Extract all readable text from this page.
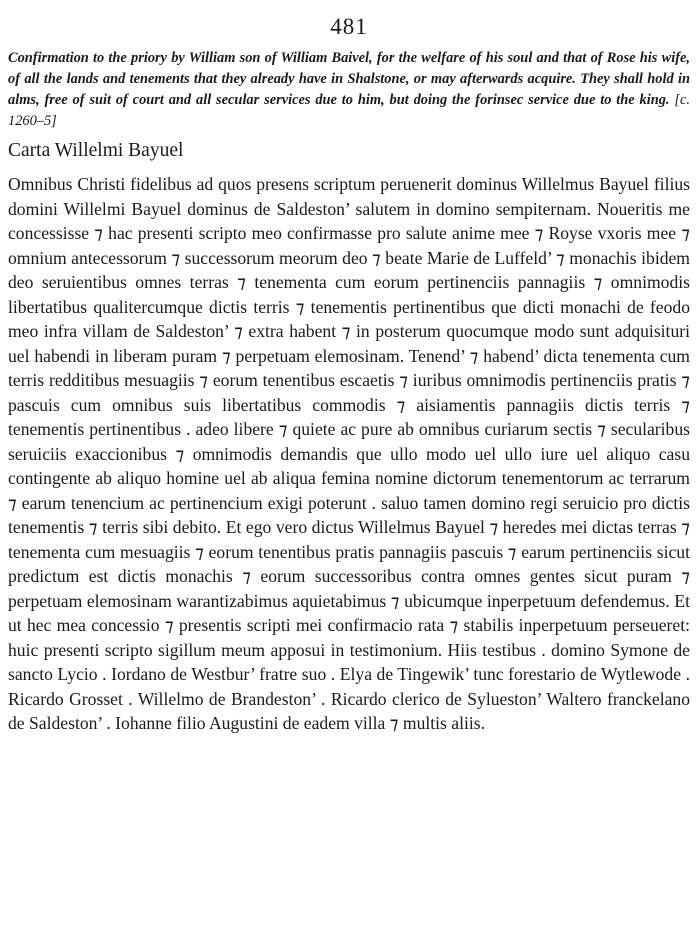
481

Confirmation to the priory by William son of William Baivel, for the welfare of his soul and that of Rose his wife, of all the lands and tenements that they already have in Shalstone, or may afterwards acquire. They shall hold in alms, free of suit of court and all secular services due to him, but doing the forinsec service due to the king. [c. 1260–5]

Carta Willelmi Bayuel

Omnibus Christi fidelibus ad quos presens scriptum peruenerit dominus Willelmus Bayuel filius domini Willelmi Bayuel dominus de Saldeston’ salutem in domino sempiternam. Noueritis me concessisse ⁊ hac presenti scripto meo confirmasse pro salute anime mee ⁊ Royse vxoris mee ⁊ omnium antecessorum ⁊ successorum meorum deo ⁊ beate Marie de Luffeld’ ⁊ monachis ibidem deo seruientibus omnes terras ⁊ tenementa cum eorum pertinenciis pannagiis ⁊ omnimodis libertatibus qualitercumque dictis terris ⁊ tenementis pertinentibus que dicti monachi de feodo meo infra villam de Saldeston’ ⁊ extra habent ⁊ in posterum quocumque modo sunt adquisituri uel habendi in liberam puram ⁊ perpetuam elemosinam. Tenend’ ⁊ habend’ dicta tenementa cum terris redditibus mesuagiis ⁊ eorum tenentibus escaetis ⁊ iuribus omnimodis pertinenciis pratis ⁊ pascuis cum omnibus suis libertatibus commodis ⁊ aisiamentis pannagiis dictis terris ⁊ tenementis pertinentibus . adeo libere ⁊ quiete ac pure ab omnibus curiarum sectis ⁊ secularibus seruiciis exaccionibus ⁊ omnimodis demandis que ullo modo uel ullo iure uel aliquo casu contingente ab aliquo homine uel ab aliqua femina nomine dictorum tenementorum ac terrarum ⁊ earum tenencium ac pertinencium exigi poterunt . saluo tamen domino regi seruicio pro dictis tenementis ⁊ terris sibi debito. Et ego vero dictus Willelmus Bayuel ⁊ heredes mei dictas terras ⁊ tenementa cum mesuagiis ⁊ eorum tenentibus pratis pannagiis pascuis ⁊ earum pertinenciis sicut predictum est dictis monachis ⁊ eorum successoribus contra omnes gentes sicut puram ⁊ perpetuam elemosinam warantizabimus aquietabimus ⁊ ubicumque inperpetuum defendemus. Et ut hec mea concessio ⁊ presentis scripti mei confirmacio rata ⁊ stabilis inperpetuum perseueret: huic presenti scripto sigillum meum apposui in testimonium. Hiis testibus . domino Symone de sancto Lycio . Iordano de Westbur’ fratre suo . Elya de Tingewik’ tunc forestario de Wytlewode . Ricardo Grosset . Willelmo de Brandeston’ . Ricardo clerico de Sylueston’ Waltero franckelano de Saldeston’ . Iohanne filio Augustini de eadem villa ⁊ multis aliis.
